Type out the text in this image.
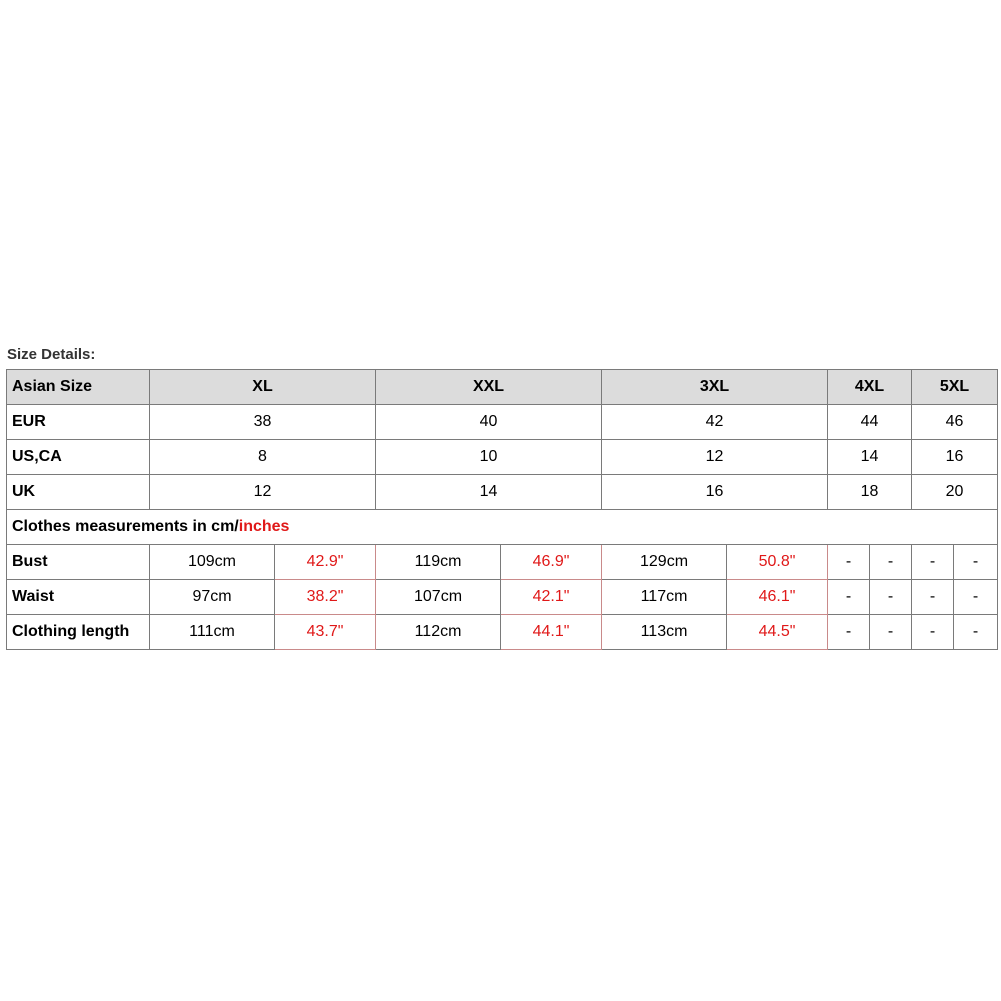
Size Details:
Asian Size	XL		XXL		3XL		4XL		5XL	
EUR	38		40		42		44		46	
US,CA	8		10		12		14		16	
UK	12		14		16		18		20	
Clothes measurements in cm/inches										
Bust	109cm	42.9"	119cm	46.9"	129cm	50.8"	-	-	-	-
Waist	97cm	38.2"	107cm	42.1"	117cm	46.1"	-	-	-	-
Clothing length	111cm	43.7"	112cm	44.1"	113cm	44.5"	-	-	-	-
